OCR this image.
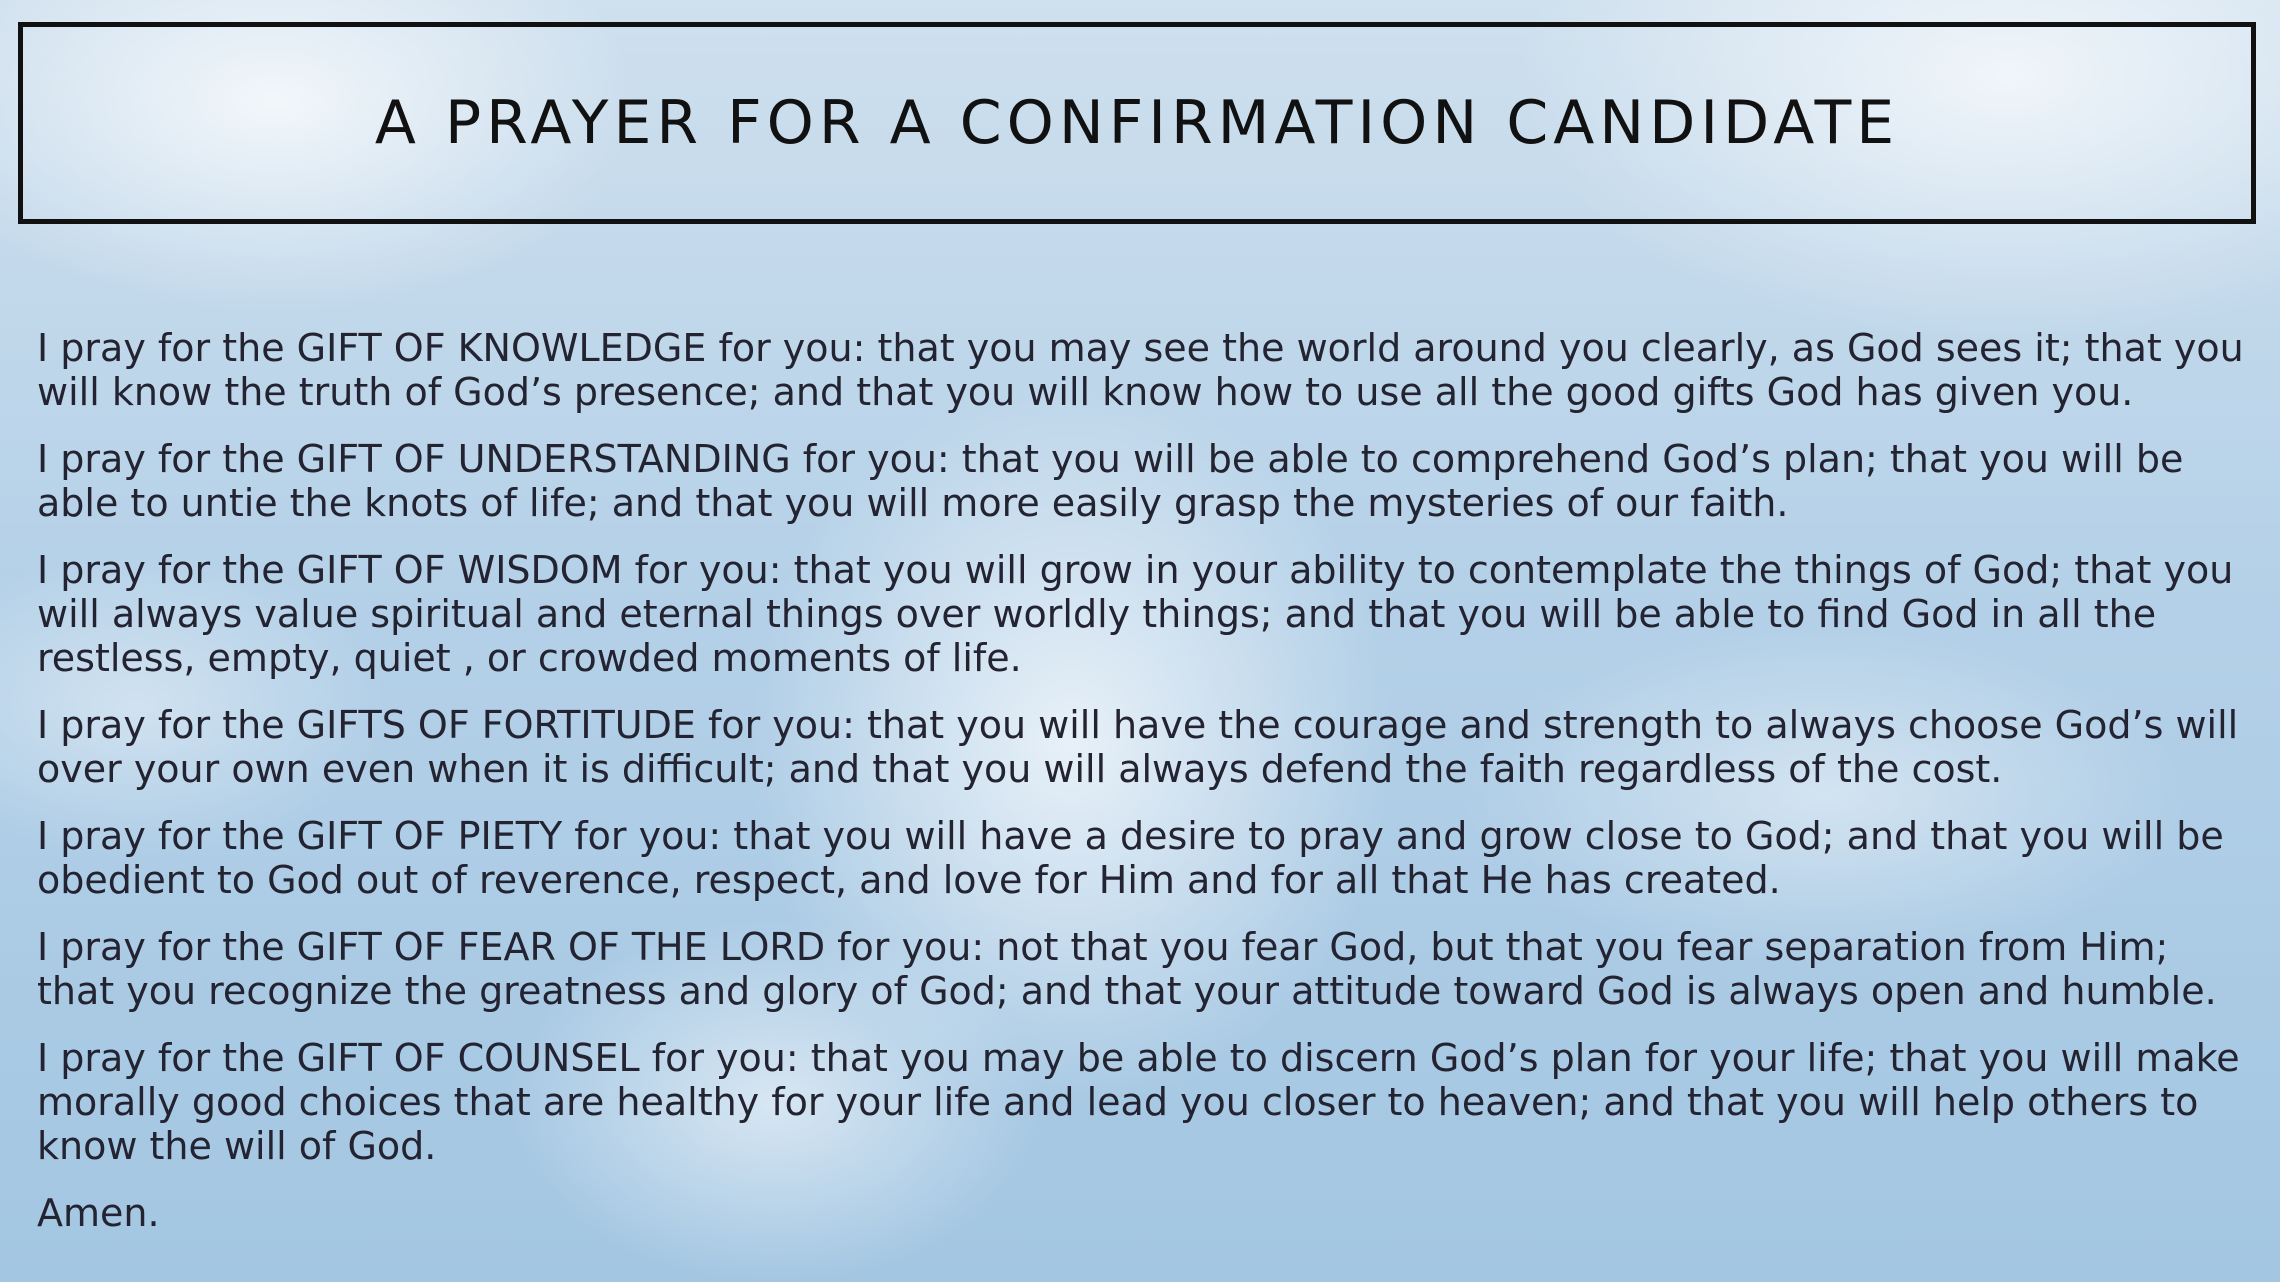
A PRAYER FOR A CONFIRMATION CANDIDATE

I pray for the GIFT OF KNOWLEDGE for you: that you may see the world around you clearly, as God sees it; that you will know the truth of God’s presence; and that you will know how to use all the good gifts God has given you.

I pray for the GIFT OF UNDERSTANDING for you: that you will be able to comprehend God’s plan; that you will be able to untie the knots of life; and that you will more easily grasp the mysteries of our faith.

I pray for the GIFT OF WISDOM for you: that you will grow in your ability to contemplate the things of God; that you will always value spiritual and eternal things over worldly things; and that you will be able to find God in all the restless, empty, quiet , or crowded moments of life.

I pray for the GIFTS OF FORTITUDE for you: that you will have the courage and strength to always choose God’s will over your own even when it is difficult; and that you will always defend the faith regardless of the cost.

I pray for the GIFT OF PIETY for you: that you will have a desire to pray and grow close to God; and that you will be obedient to God out of reverence, respect, and love for Him and for all that He has created.

I pray for the GIFT OF FEAR OF THE LORD for you: not that you fear God, but that you fear separation from Him; that you recognize the greatness and glory of God; and that your attitude toward God is always open and humble.

I pray for the GIFT OF COUNSEL for you: that you may be able to discern God’s plan for your life; that you will make morally good choices that are healthy for your life and lead you closer to heaven; and that you will help others to know the will of God.

Amen.
